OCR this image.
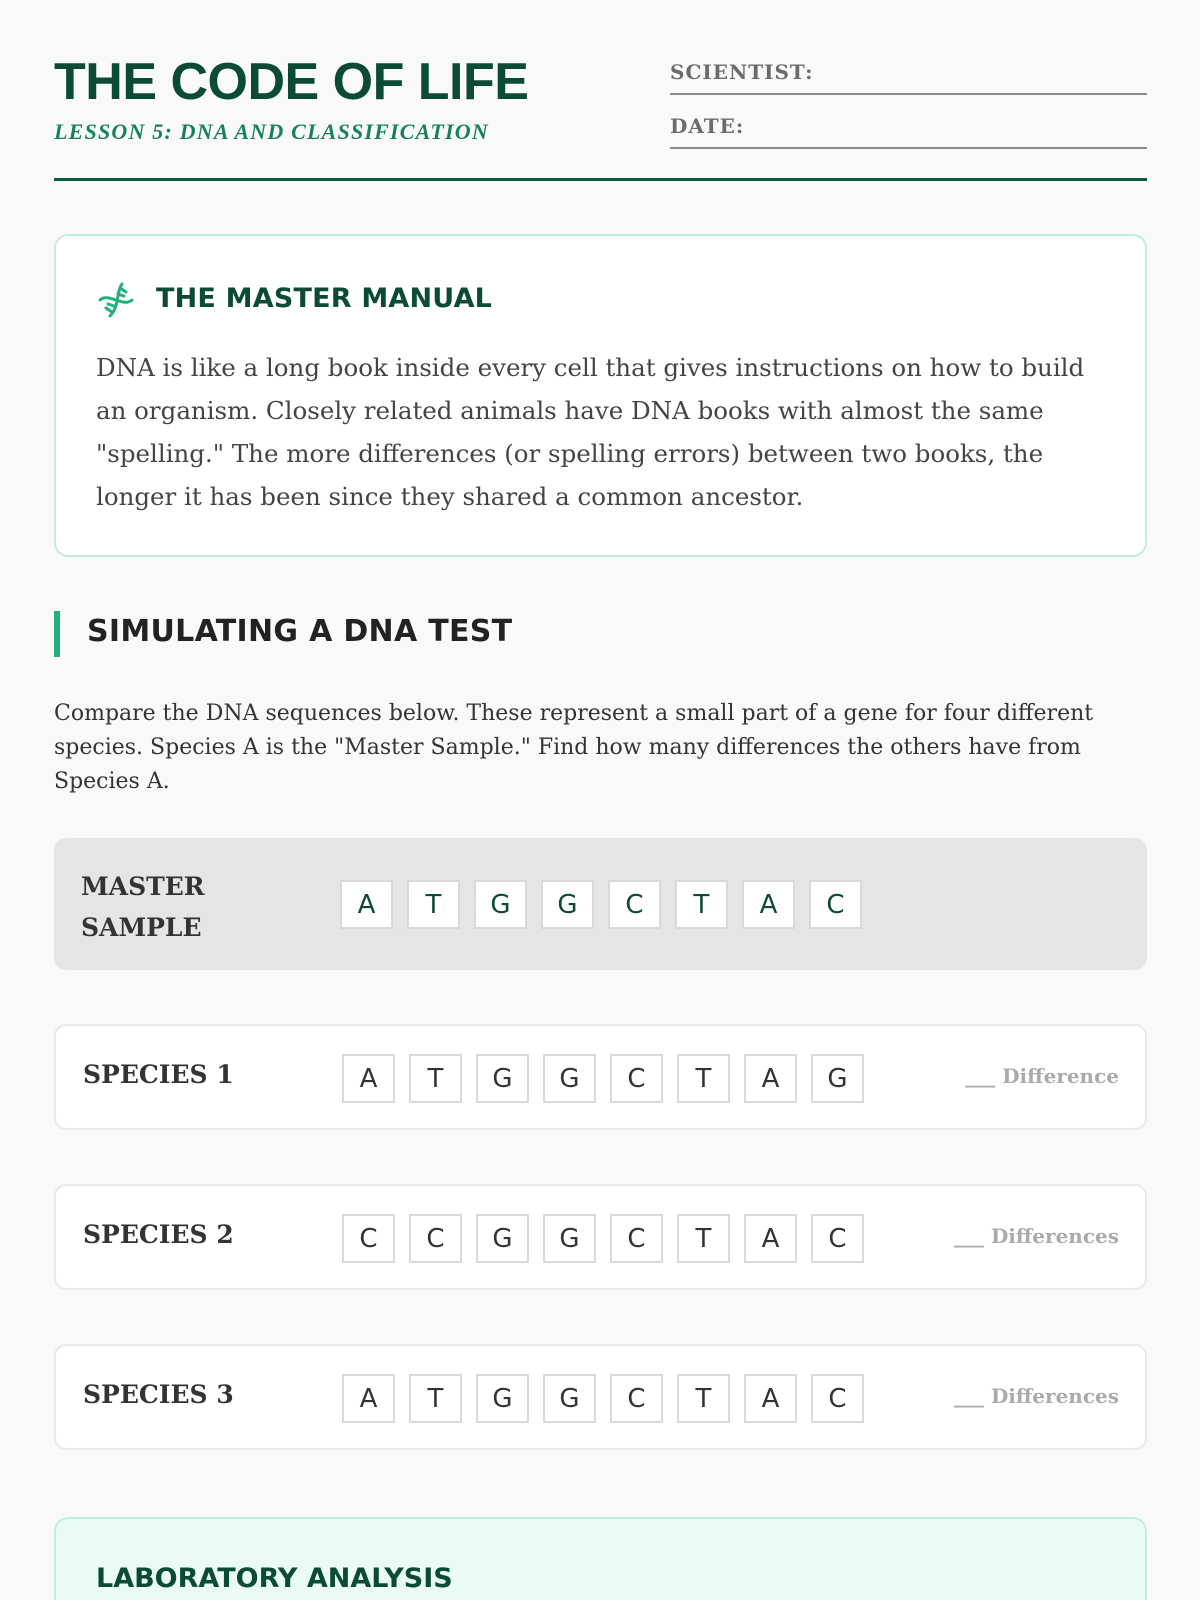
THE CODE OF LIFE
LESSON 5: DNA AND CLASSIFICATION
SCIENTIST:
DATE:
THE MASTER MANUAL

DNA is like a long book inside every cell that gives instructions on how to build an organism. Closely related animals have DNA books with almost the same "spelling." The more differences (or spelling errors) between two books, the longer it has been since they shared a common ancestor.

SIMULATING A DNA TEST

Compare the DNA sequences below. These represent a small part of a gene for four different species. Species A is the "Master Sample." Find how many differences the others have from Species A.

MASTER SAMPLE
A	T	G	G	C	T	A	C
SPECIES 1	A	T	G	G	C	T	A	G	___ Difference
SPECIES 2	C	C	G	G	C	T	A	C	___ Differences
SPECIES 3	A	T	G	G	C	T	A	C	___ Differences
LABORATORY ANALYSIS
